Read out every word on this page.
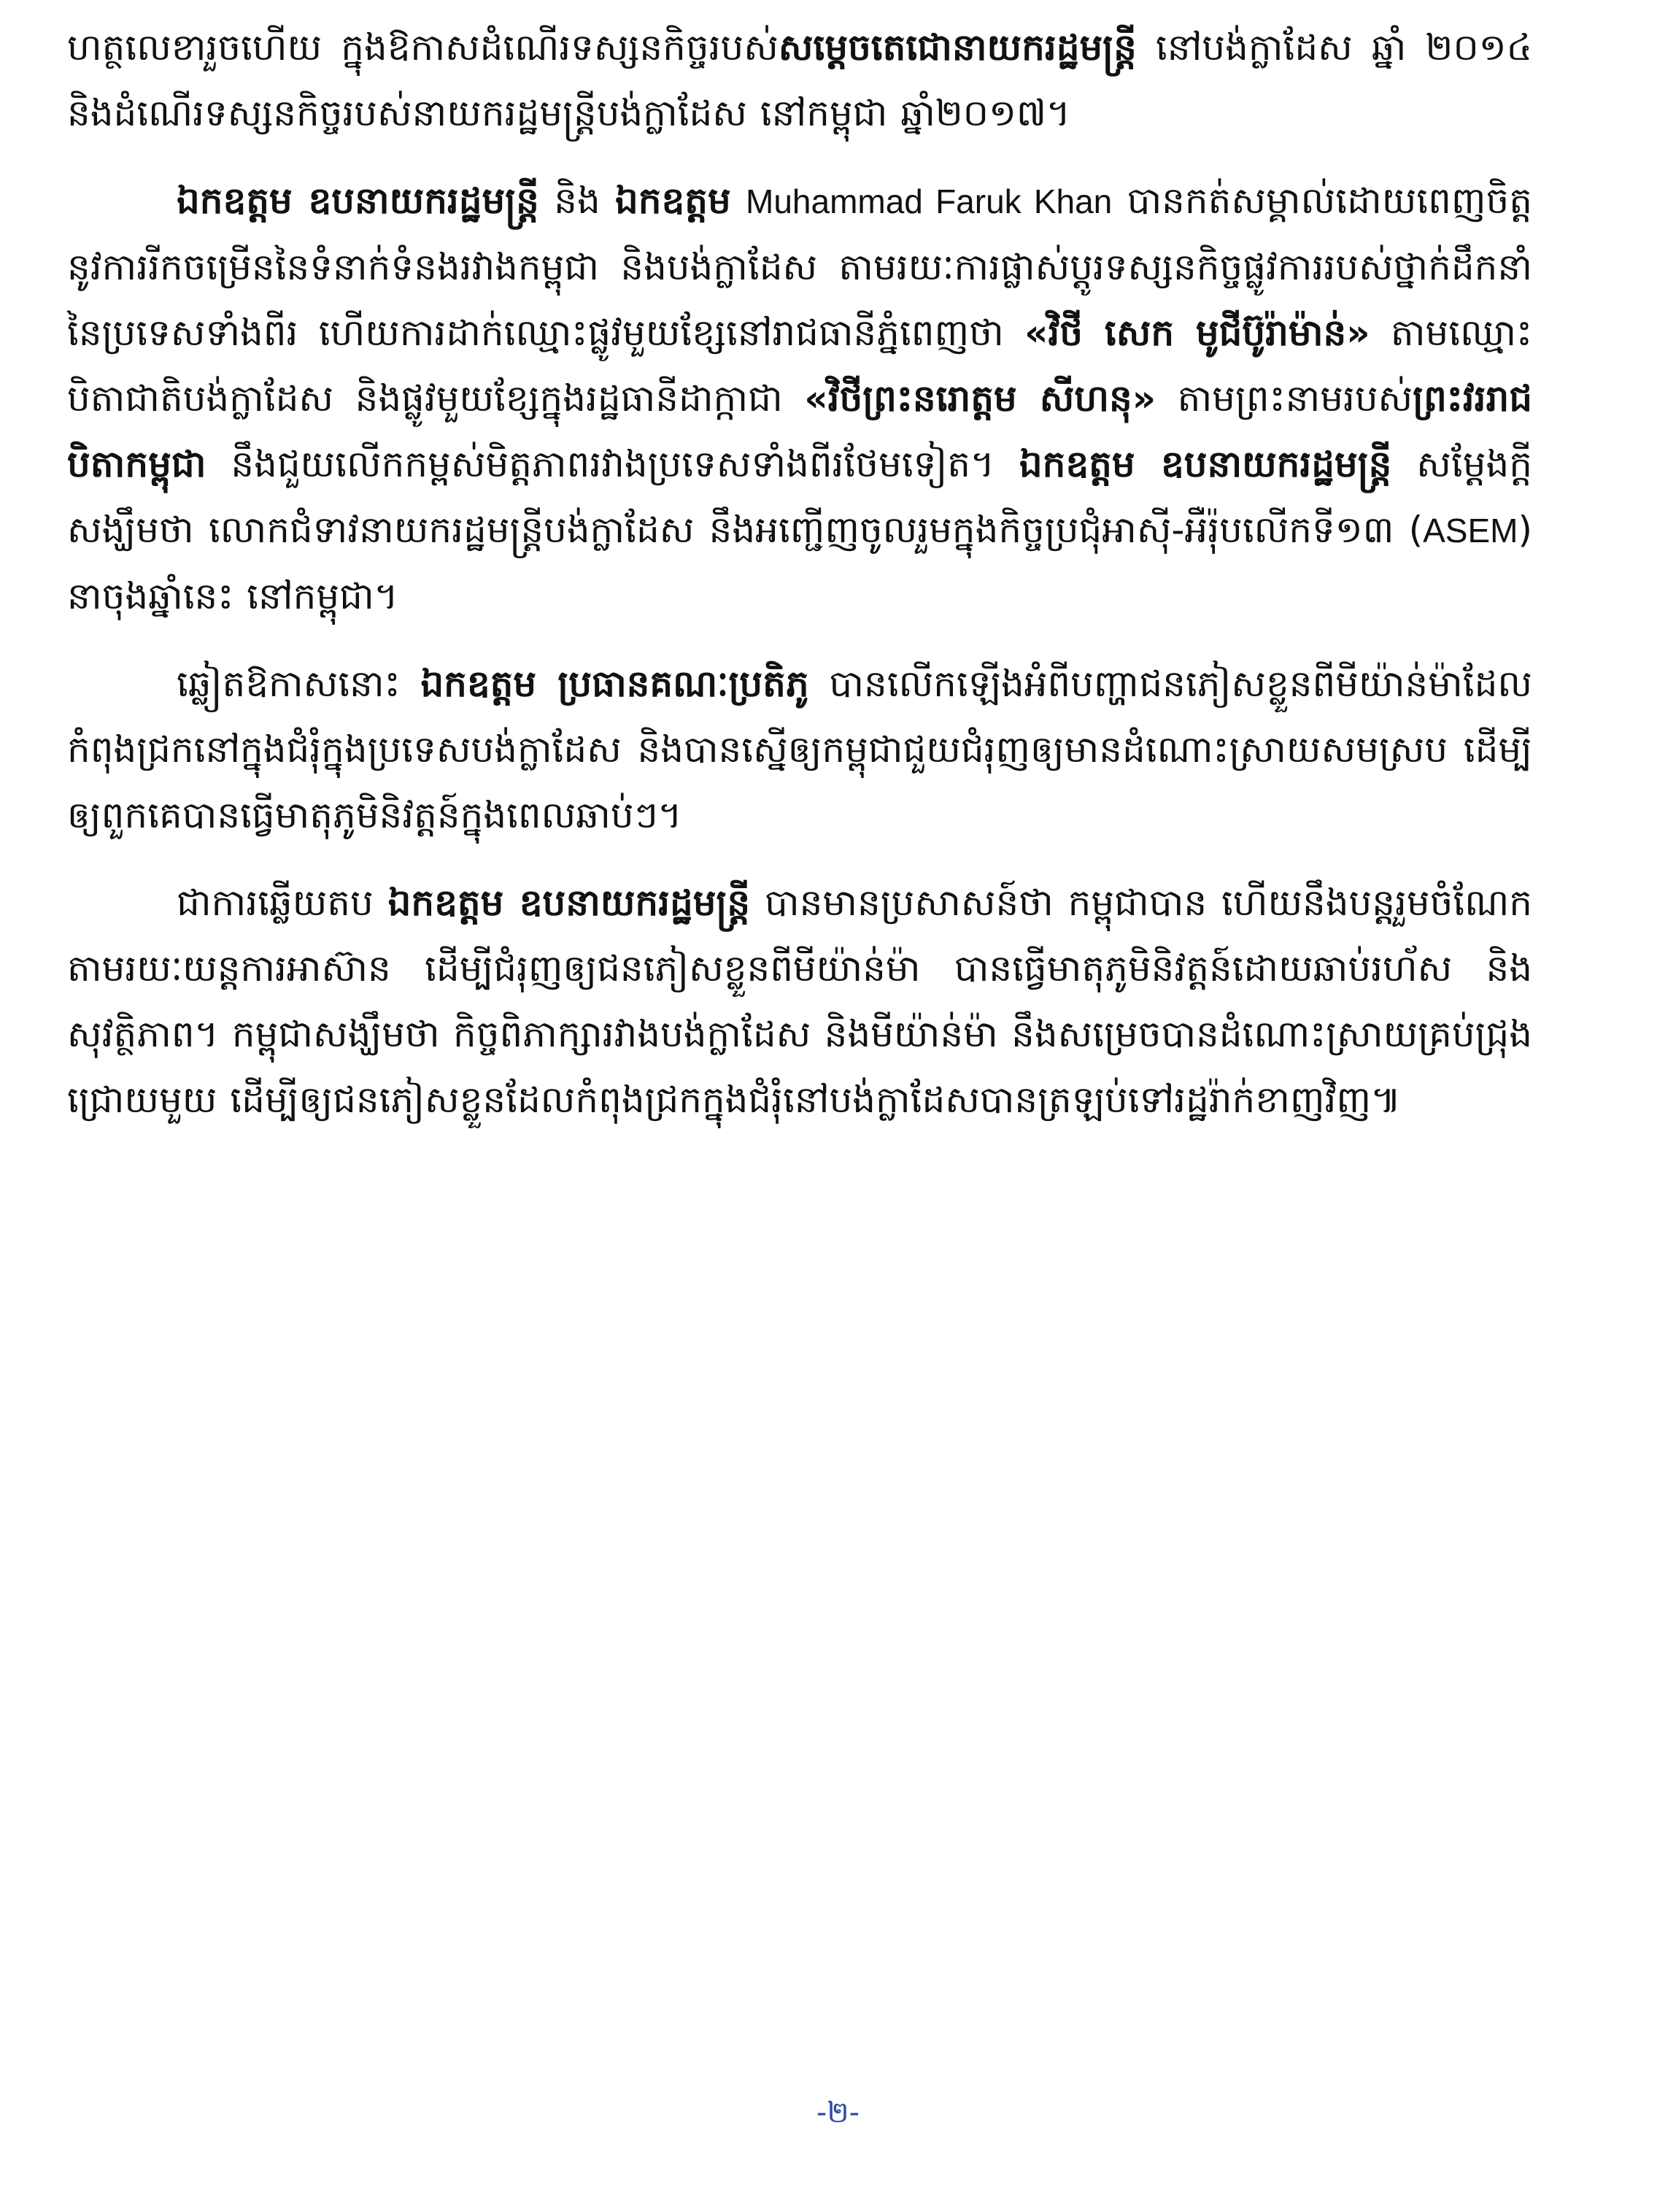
ហត្ថលេខារួចហើយ ក្នុងឱកាសដំណើរទស្សនកិច្ចរបស់សម្តេចតេជោនាយករដ្ឋមន្ត្រី នៅបង់ក្លាដែស ឆ្នាំ ២០១៤ និងដំណើរទស្សនកិច្ចរបស់នាយករដ្ឋមន្ត្រីបង់ក្លាដែស នៅកម្ពុជា ឆ្នាំ២០១៧។

ឯកឧត្តម ឧបនាយករដ្ឋមន្ត្រី និង ឯកឧត្តម Muhammad Faruk Khan បានកត់សម្គាល់ដោយពេញចិត្តនូវការរីកចម្រើននៃទំនាក់ទំនងរវាងកម្ពុជា និងបង់ក្លាដែស តាមរយៈការផ្លាស់ប្តូរទស្សនកិច្ចផ្លូវការរបស់ថ្នាក់ដឹកនាំនៃប្រទេសទាំងពីរ ហើយការដាក់ឈ្មោះផ្លូវមួយខ្សែនៅរាជធានីភ្នំពេញថា «វិថី សេក មូជីប៊ូរ៉ាម៉ាន់» តាមឈ្មោះបិតាជាតិបង់ក្លាដែស និងផ្លូវមួយខ្សែក្នុងរដ្ឋធានីដាក្កាជា «វិថីព្រះនរោត្តម សីហនុ» តាមព្រះនាមរបស់ព្រះវររាជបិតាកម្ពុជា នឹងជួយលើកកម្ពស់មិត្តភាពរវាងប្រទេសទាំងពីរថែមទៀត។ ឯកឧត្តម ឧបនាយករដ្ឋមន្ត្រី សម្តែងក្តីសង្ឃឹមថា លោកជំទាវនាយករដ្ឋមន្ត្រីបង់ក្លាដែស នឹងអញ្ជើញចូលរួមក្នុងកិច្ចប្រជុំអាស៊ី-អឺរ៉ុបលើកទី១៣ (ASEM) នាចុងឆ្នាំនេះ នៅកម្ពុជា។

ឆ្លៀតឱកាសនោះ ឯកឧត្តម ប្រធានគណៈប្រតិភូ បានលើកឡើងអំពីបញ្ហាជនភៀសខ្លួនពីមីយ៉ាន់ម៉ាដែលកំពុងជ្រកនៅក្នុងជំរុំក្នុងប្រទេសបង់ក្លាដែស និងបានស្នើឲ្យកម្ពុជាជួយជំរុញឲ្យមានដំណោះស្រាយសមស្រប ដើម្បីឲ្យពួកគេបានធ្វើមាតុភូមិនិវត្តន៍ក្នុងពេលឆាប់ៗ។

ជាការឆ្លើយតប ឯកឧត្តម ឧបនាយករដ្ឋមន្ត្រី បានមានប្រសាសន៍ថា កម្ពុជាបាន ហើយនឹងបន្តរួមចំណែកតាមរយៈយន្តការអាស៊ាន ដើម្បីជំរុញឲ្យជនភៀសខ្លួនពីមីយ៉ាន់ម៉ា បានធ្វើមាតុភូមិនិវត្តន៍ដោយឆាប់រហ័ស និងសុវត្ថិភាព។ កម្ពុជាសង្ឃឹមថា កិច្ចពិភាក្សារវាងបង់ក្លាដែស និងមីយ៉ាន់ម៉ា នឹងសម្រេចបានដំណោះស្រាយគ្រប់ជ្រុងជ្រោយមួយ ដើម្បីឲ្យជនភៀសខ្លួនដែលកំពុងជ្រកក្នុងជំរុំនៅបង់ក្លាដែសបានត្រឡប់ទៅរដ្ឋរ៉ាក់ខាញវិញ៕

-២-
